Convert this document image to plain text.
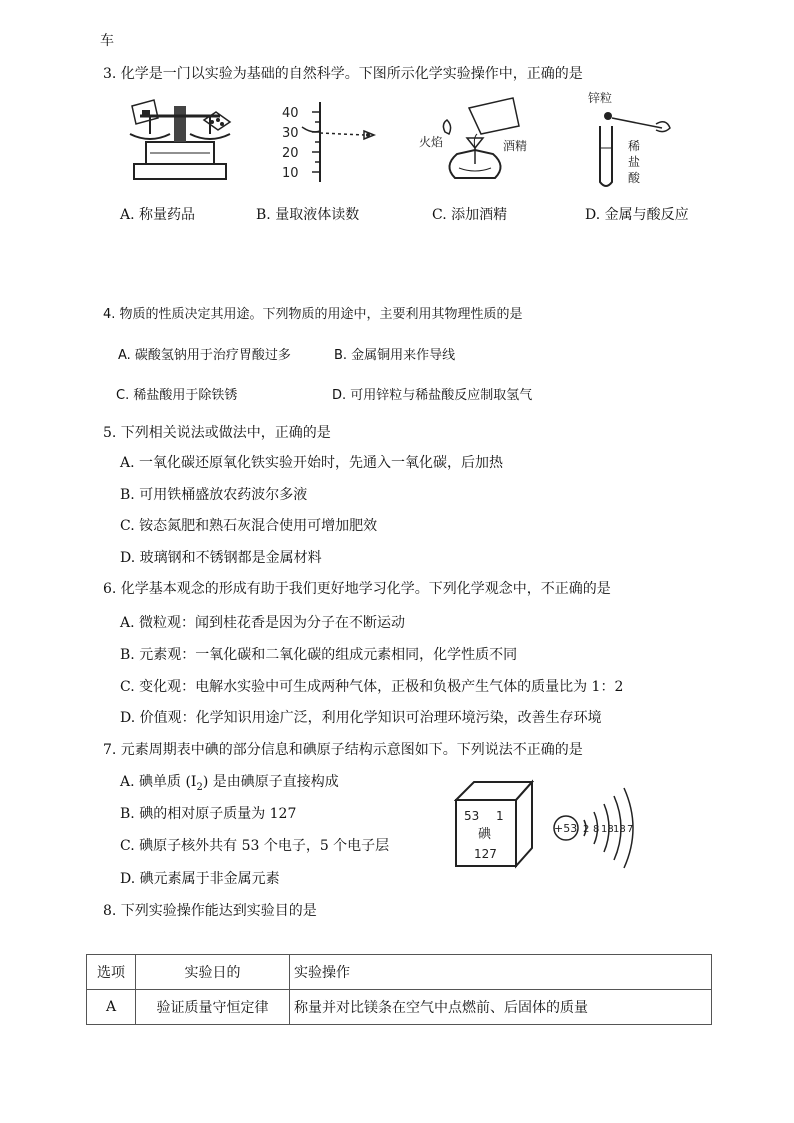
车
3. 化学是一门以实验为基础的自然科学。下图所示化学实验操作中，正确的是
40
30
20
10
火焰	酒精
锌粒
稀
盐
酸
A. 称量药品	B. 量取液体读数	C. 添加酒精	D. 金属与酸反应
4. 物质的性质决定其用途。下列物质的用途中，主要利用其物理性质的是
A. 碳酸氢钠用于治疗胃酸过多	B. 金属铜用来作导线
C. 稀盐酸用于除铁锈	D. 可用锌粒与稀盐酸反应制取氢气
5. 下列相关说法或做法中，正确的是
A. 一氧化碳还原氧化铁实验开始时，先通入一氧化碳，后加热
B. 可用铁桶盛放农药波尔多液
C. 铵态氮肥和熟石灰混合使用可增加肥效
D. 玻璃钢和不锈钢都是金属材料
6. 化学基本观念的形成有助于我们更好地学习化学。下列化学观念中，不正确的是
A. 微粒观：闻到桂花香是因为分子在不断运动
B. 元素观：一氧化碳和二氧化碳的组成元素相同，化学性质不同
C. 变化观：电解水实验中可生成两种气体，正极和负极产生气体的质量比为 1：2
D. 价值观：化学知识用途广泛，利用化学知识可治理环境污染，改善生存环境
7. 元素周期表中碘的部分信息和碘原子结构示意图如下。下列说法不正确的是
A. 碘单质 $(I_2)$ 是由碘原子直接构成
B. 碘的相对原子质量为 127
C. 碘原子核外共有 53 个电子，5 个电子层
D. 碘元素属于非金属元素
53 1
碘
127
+53 2 8 18 18 7
8. 下列实验操作能达到实验目的是
选项	实验日的	实验操作
A	验证质量守恒定律	称量并对比镁条在空气中点燃前、后固体的质量
